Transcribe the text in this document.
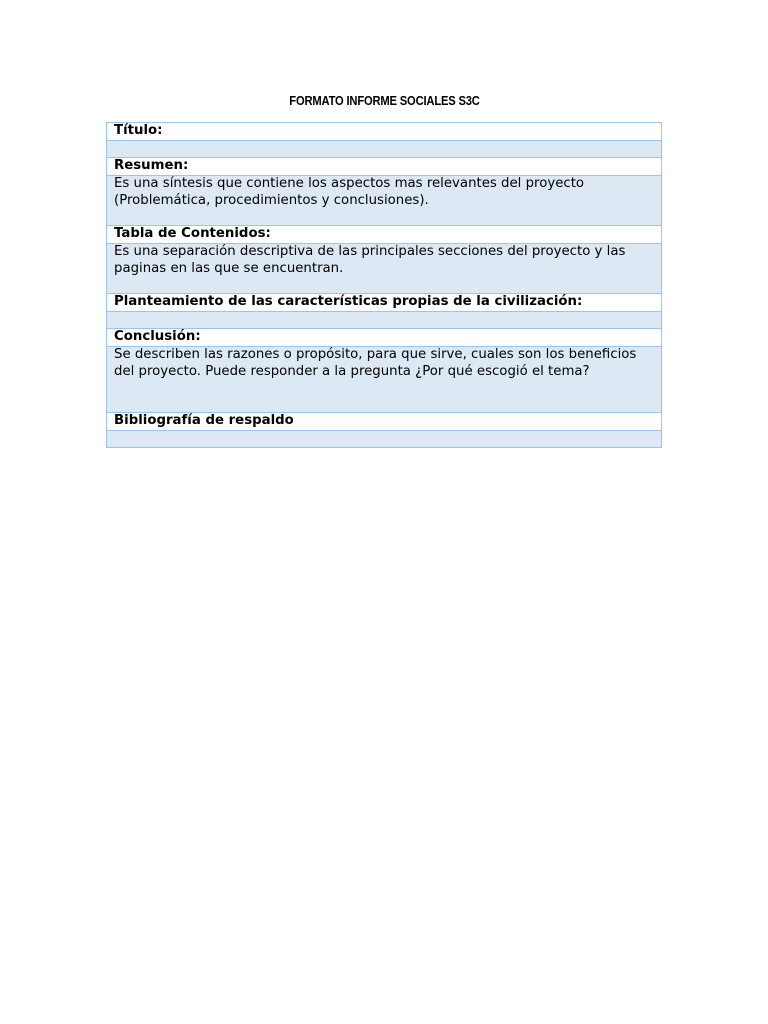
FORMATO INFORME SOCIALES S3C
Título:

Resumen:
Es una síntesis que contiene los aspectos mas relevantes del proyecto (Problemática, procedimientos y conclusiones).
Tabla de Contenidos:
Es una separación descriptiva de las principales secciones del proyecto y las paginas en las que se encuentran.
Planteamiento de las características propias de la civilización:

Conclusión:
Se describen las razones o propósito, para que sirve, cuales son los beneficios del proyecto. Puede responder a la pregunta ¿Por qué escogió el tema?
Bibliografía de respaldo
